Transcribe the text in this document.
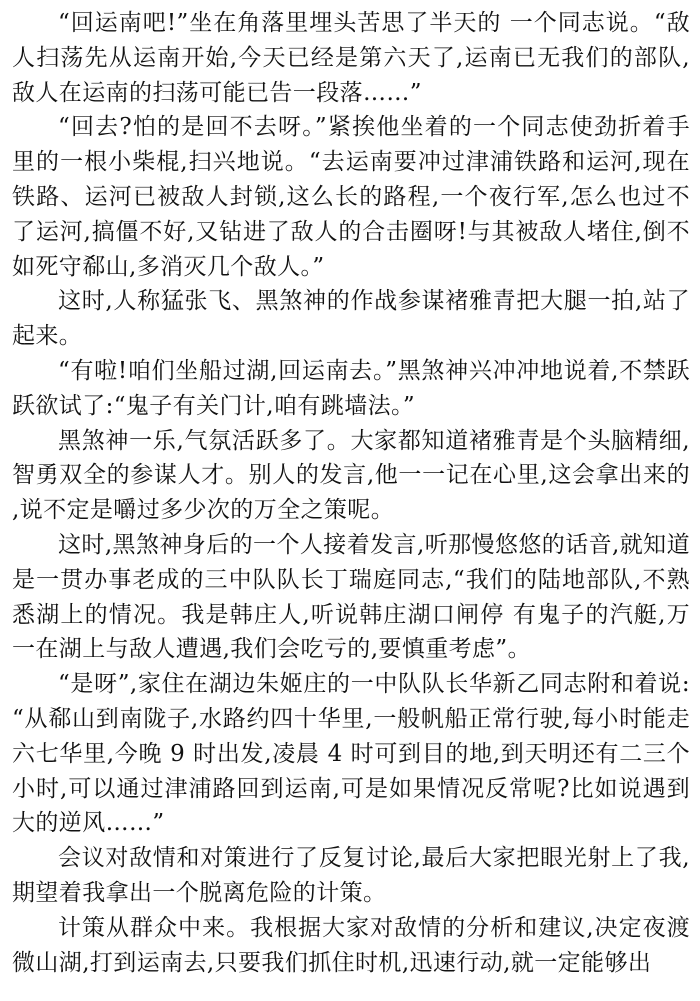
“回运南吧!”坐在角落里埋头苦思了半天的 一个同志说。“敌人扫荡先从运南开始,今天已经是第六天了,运南已无我们的部队,敌人在运南的扫荡可能已告一段落……”

“回去?怕的是回不去呀。”紧挨他坐着的一个同志使劲折着手里的一根小柴棍,扫兴地说。“去运南要冲过津浦铁路和运河,现在铁路、运河已被敌人封锁,这么长的路程,一个夜行军,怎么也过不了运河,搞僵不好,又钻进了敌人的合击圈呀!与其被敌人堵住,倒不如死守郗山,多消灭几个敌人。”

这时,人称猛张飞、黑煞神的作战参谋褚雅青把大腿一拍,站了起来。

“有啦!咱们坐船过湖,回运南去。”黑煞神兴冲冲地说着,不禁跃跃欲试了:“鬼子有关门计,咱有跳墙法。”

黑煞神一乐,气氛活跃多了。大家都知道褚雅青是个头脑精细,智勇双全的参谋人才。别人的发言,他一一记在心里,这会拿出来的,说不定是嚼过多少次的万全之策呢。

这时,黑煞神身后的一个人接着发言,听那慢悠悠的话音,就知道是一贯办事老成的三中队队长丁瑞庭同志,“我们的陆地部队,不熟悉湖上的情况。我是韩庄人,听说韩庄湖口闸停 有鬼子的汽艇,万一在湖上与敌人遭遇,我们会吃亏的,要慎重考虑”。

“是呀”,家住在湖边朱姬庄的一中队队长华新乙同志附和着说:“从郗山到南陇子,水路约四十华里,一般帆船正常行驶,每小时能走六七华里,今晚 9 时出发,凌晨 4 时可到目的地,到天明还有二三个小时,可以通过津浦路回到运南,可是如果情况反常呢?比如说遇到大的逆风……”

会议对敌情和对策进行了反复讨论,最后大家把眼光射上了我,期望着我拿出一个脱离危险的计策。

计策从群众中来。我根据大家对敌情的分析和建议,决定夜渡微山湖,打到运南去,只要我们抓住时机,迅速行动,就一定能够出
